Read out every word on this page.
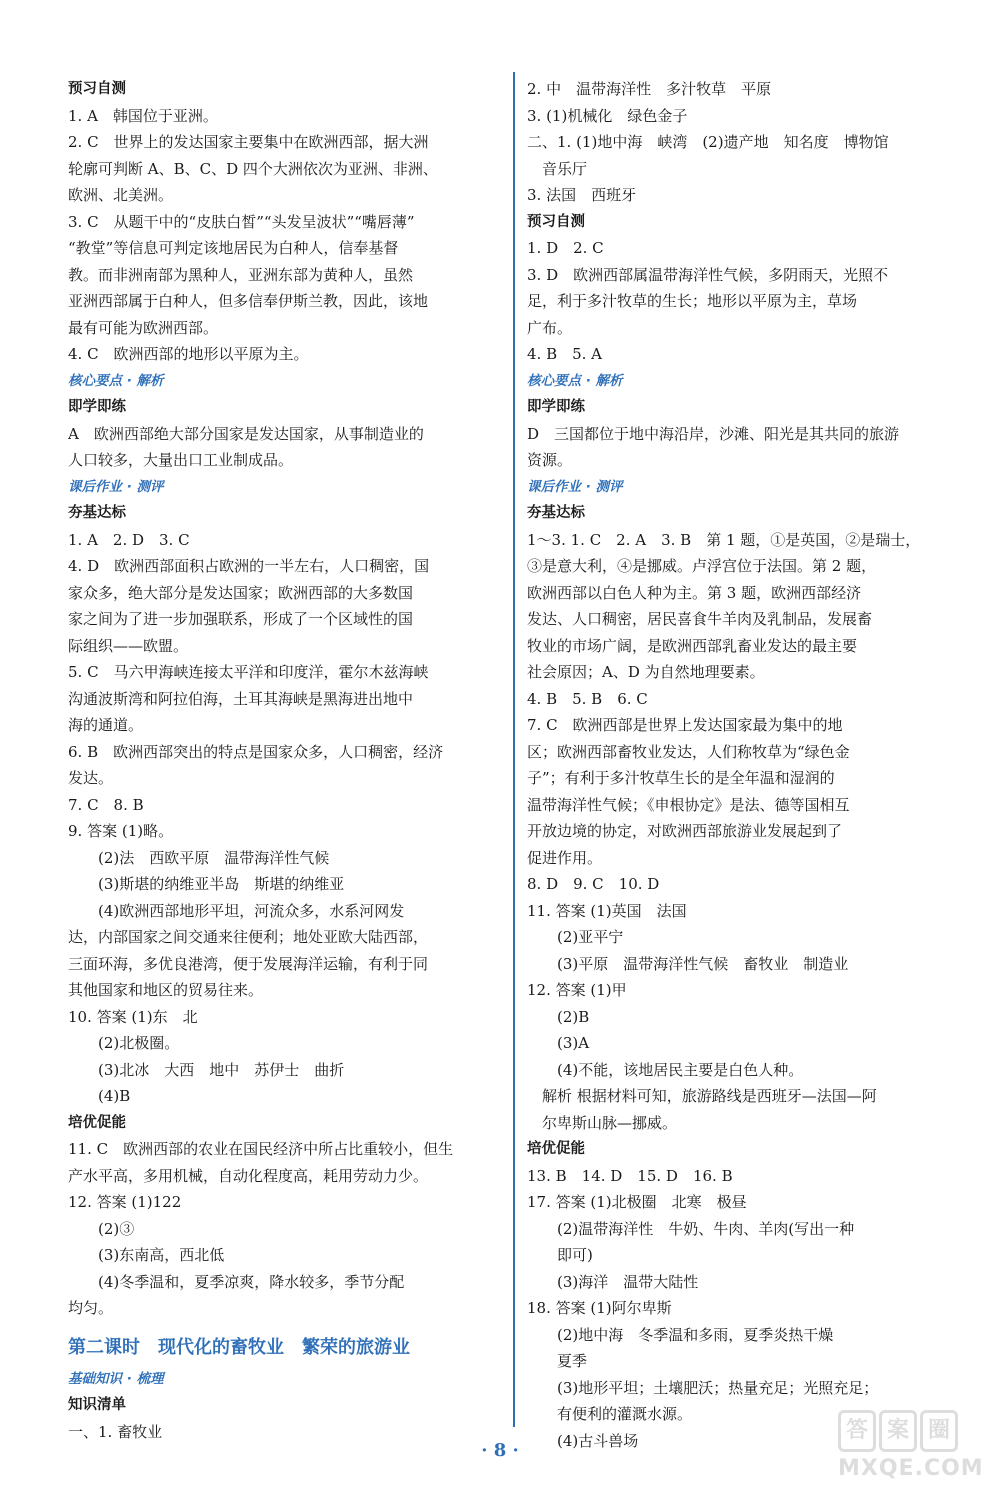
预习自测
1. A　韩国位于亚洲。
2. C　世界上的发达国家主要集中在欧洲西部，据大洲
轮廓可判断 A、B、C、D 四个大洲依次为亚洲、非洲、
欧洲、北美洲。
3. C　从题干中的“皮肤白皙”“头发呈波状”“嘴唇薄”
“教堂”等信息可判定该地居民为白种人，信奉基督
教。而非洲南部为黑种人，亚洲东部为黄种人，虽然
亚洲西部属于白种人，但多信奉伊斯兰教，因此，该地
最有可能为欧洲西部。
4. C　欧洲西部的地形以平原为主。
核心要点 · 解析
即学即练
A　欧洲西部绝大部分国家是发达国家，从事制造业的
人口较多，大量出口工业制成品。
课后作业 · 测评
夯基达标
1. A　2. D　3. C
4. D　欧洲西部面积占欧洲的一半左右，人口稠密，国
家众多，绝大部分是发达国家；欧洲西部的大多数国
家之间为了进一步加强联系，形成了一个区域性的国
际组织——欧盟。
5. C　马六甲海峡连接太平洋和印度洋，霍尔木兹海峡
沟通波斯湾和阿拉伯海，土耳其海峡是黑海进出地中
海的通道。
6. B　欧洲西部突出的特点是国家众多，人口稠密，经济
发达。
7. C　8. B
9. 答案 (1)略。
　　(2)法　西欧平原　温带海洋性气候
　　(3)斯堪的纳维亚半岛　斯堪的纳维亚
　　(4)欧洲西部地形平坦，河流众多，水系河网发
达，内部国家之间交通来往便利；地处亚欧大陆西部，
三面环海，多优良港湾，便于发展海洋运输，有利于同
其他国家和地区的贸易往来。
10. 答案 (1)东　北
　　(2)北极圈。
　　(3)北冰　大西　地中　苏伊士　曲折
　　(4)B
培优促能
11. C　欧洲西部的农业在国民经济中所占比重较小，但生
产水平高，多用机械，自动化程度高，耗用劳动力少。
12. 答案 (1)122
　　(2)③
　　(3)东南高，西北低
　　(4)冬季温和，夏季凉爽，降水较多，季节分配
均匀。
第二课时　现代化的畜牧业　繁荣的旅游业
基础知识 · 梳理
知识清单
一、1. 畜牧业
2. 中　温带海洋性　多汁牧草　平原
3. (1)机械化　绿色金子
二、1. (1)地中海　峡湾　(2)遗产地　知名度　博物馆
　音乐厅
3. 法国　西班牙
预习自测
1. D　2. C
3. D　欧洲西部属温带海洋性气候，多阴雨天，光照不
足，利于多汁牧草的生长；地形以平原为主，草场
广布。
4. B　5. A
核心要点 · 解析
即学即练
D　三国都位于地中海沿岸，沙滩、阳光是其共同的旅游
资源。
课后作业 · 测评
夯基达标
1～3. 1. C　2. A　3. B　第 1 题，①是英国，②是瑞士，
③是意大利，④是挪威。卢浮宫位于法国。第 2 题，
欧洲西部以白色人种为主。第 3 题，欧洲西部经济
发达、人口稠密，居民喜食牛羊肉及乳制品，发展畜
牧业的市场广阔，是欧洲西部乳畜业发达的最主要
社会原因；A、D 为自然地理要素。
4. B　5. B　6. C
7. C　欧洲西部是世界上发达国家最为集中的地
区；欧洲西部畜牧业发达，人们称牧草为“绿色金
子”；有利于多汁牧草生长的是全年温和湿润的
温带海洋性气候；《申根协定》是法、德等国相互
开放边境的协定，对欧洲西部旅游业发展起到了
促进作用。
8. D　9. C　10. D
11. 答案 (1)英国　法国
　　(2)亚平宁
　　(3)平原　温带海洋性气候　畜牧业　制造业
12. 答案 (1)甲
　　(2)B
　　(3)A
　　(4)不能，该地居民主要是白色人种。
　解析 根据材料可知，旅游路线是西班牙—法国—阿
　尔卑斯山脉—挪威。
培优促能
13. B　14. D　15. D　16. B
17. 答案 (1)北极圈　北寒　极昼
　　(2)温带海洋性　牛奶、牛肉、羊肉(写出一种
　　即可)
　　(3)海洋　温带大陆性
18. 答案 (1)阿尔卑斯
　　(2)地中海　冬季温和多雨，夏季炎热干燥
　　夏季
　　(3)地形平坦；土壤肥沃；热量充足；光照充足；
　　有便利的灌溉水源。
　　(4)古斗兽场
· 8 ·
答 案 圈
MXQE.COM
